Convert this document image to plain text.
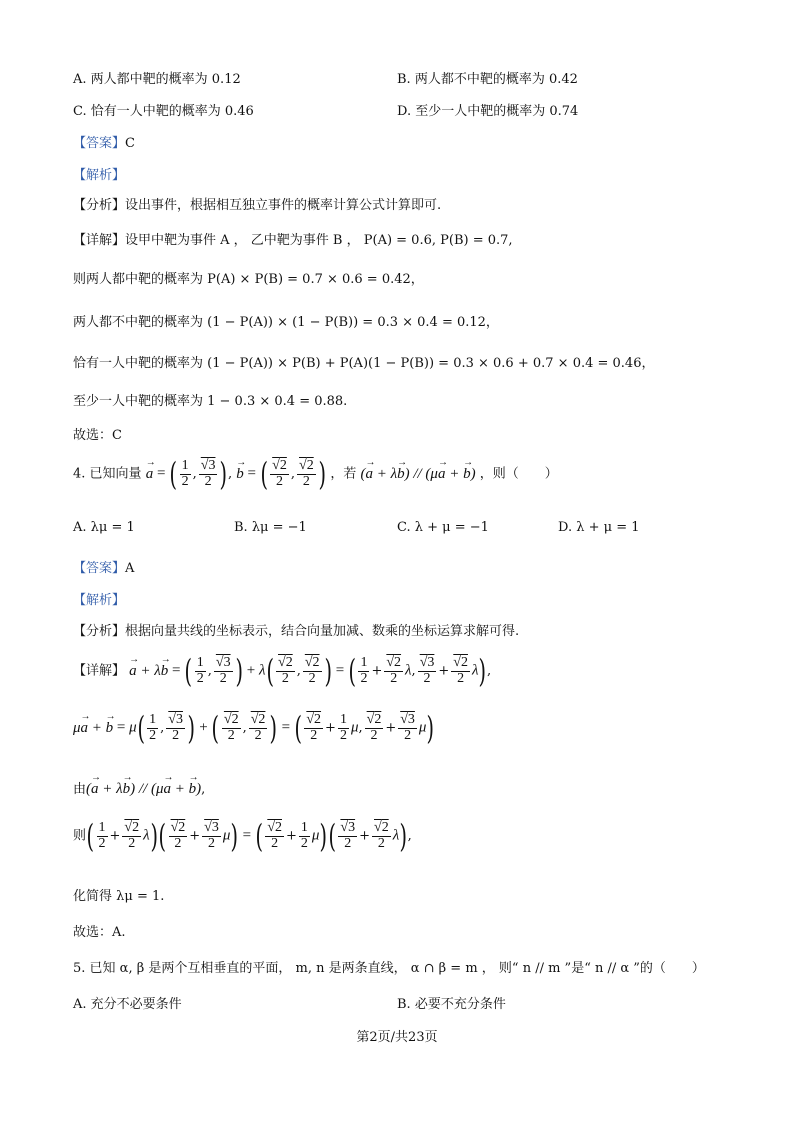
A. 两人都中靶的概率为 0.12	B. 两人都不中靶的概率为 0.42
C. 恰有一人中靶的概率为 0.46	D. 至少一人中靶的概率为 0.74
【答案】C
【解析】
【分析】设出事件，根据相互独立事件的概率计算公式计算即可.
【详解】设甲中靶为事件 A ， 乙中靶为事件 B ， P(A) = 0.6, P(B) = 0.7,
则两人都中靶的概率为 P(A) × P(B) = 0.7 × 0.6 = 0.42，
两人都不中靶的概率为 (1 − P(A)) × (1 − P(B)) = 0.3 × 0.4 = 0.12，
恰有一人中靶的概率为 (1 − P(A)) × P(B) + P(A)(1 − P(B)) = 0.3 × 0.6 + 0.7 × 0.4 = 0.46，
至少一人中靶的概率为 1 − 0.3 × 0.4 = 0.88.
故选：C
4. 已知向量 → a = ( $\frac{1}{2}$ , √ $\frac{3}{2}$ ), → b = ( √ $\frac{2}{2}$ , √ $\frac{2}{2}$ ) ，若 (→ a + λ→ b) // (μ→ a + → b) ，则（　　）
A. λμ = 1	B. λμ = −1	C. λ + μ = −1	D. λ + μ = 1
【答案】A
【解析】
【分析】根据向量共线的坐标表示，结合向量加减、数乘的坐标运算求解可得.
【详解】 → a + λ→ b = ( $\frac{1}{2}$ , √ $\frac{3}{2}$ ) + λ( √ $\frac{2}{2}$ , √ $\frac{2}{2}$ ) = ( $\frac{1}{2}$ + √ $\frac{2}{2} \lambda$, √ $\frac{3}{2}$ + √ $\frac{2}{2} \lambda$),
μ→ a + → $b = \mu( \frac{1}{2}$ , √ $\frac{3}{2}$ ) + ( √ $\frac{2}{2}$ , √ $\frac{2}{2}$ ) = ( √ $\frac{2}{2} + \frac{1}{2} \mu$, √ $\frac{2}{2}$ + √ $\frac{3}{2} \mu$)
由(→ a + λ→ b) // (μ→ a + → b),
则( $\frac{1}{2}$ + √ $\frac{2}{2} \lambda$)( √ $\frac{2}{2}$ + √ $\frac{3}{2} \mu$) = ( √ $\frac{2}{2} + \frac{1}{2} \mu$)( √ $\frac{3}{2}$ + √ $\frac{2}{2} \lambda$),
化简得 λμ = 1.
故选：A.
5. 已知 α, β 是两个互相垂直的平面， m, n 是两条直线， α ∩ β = m ， 则“ n // m ”是“ n // α ”的（　　）
A. 充分不必要条件	B. 必要不充分条件
第2页/共23页
